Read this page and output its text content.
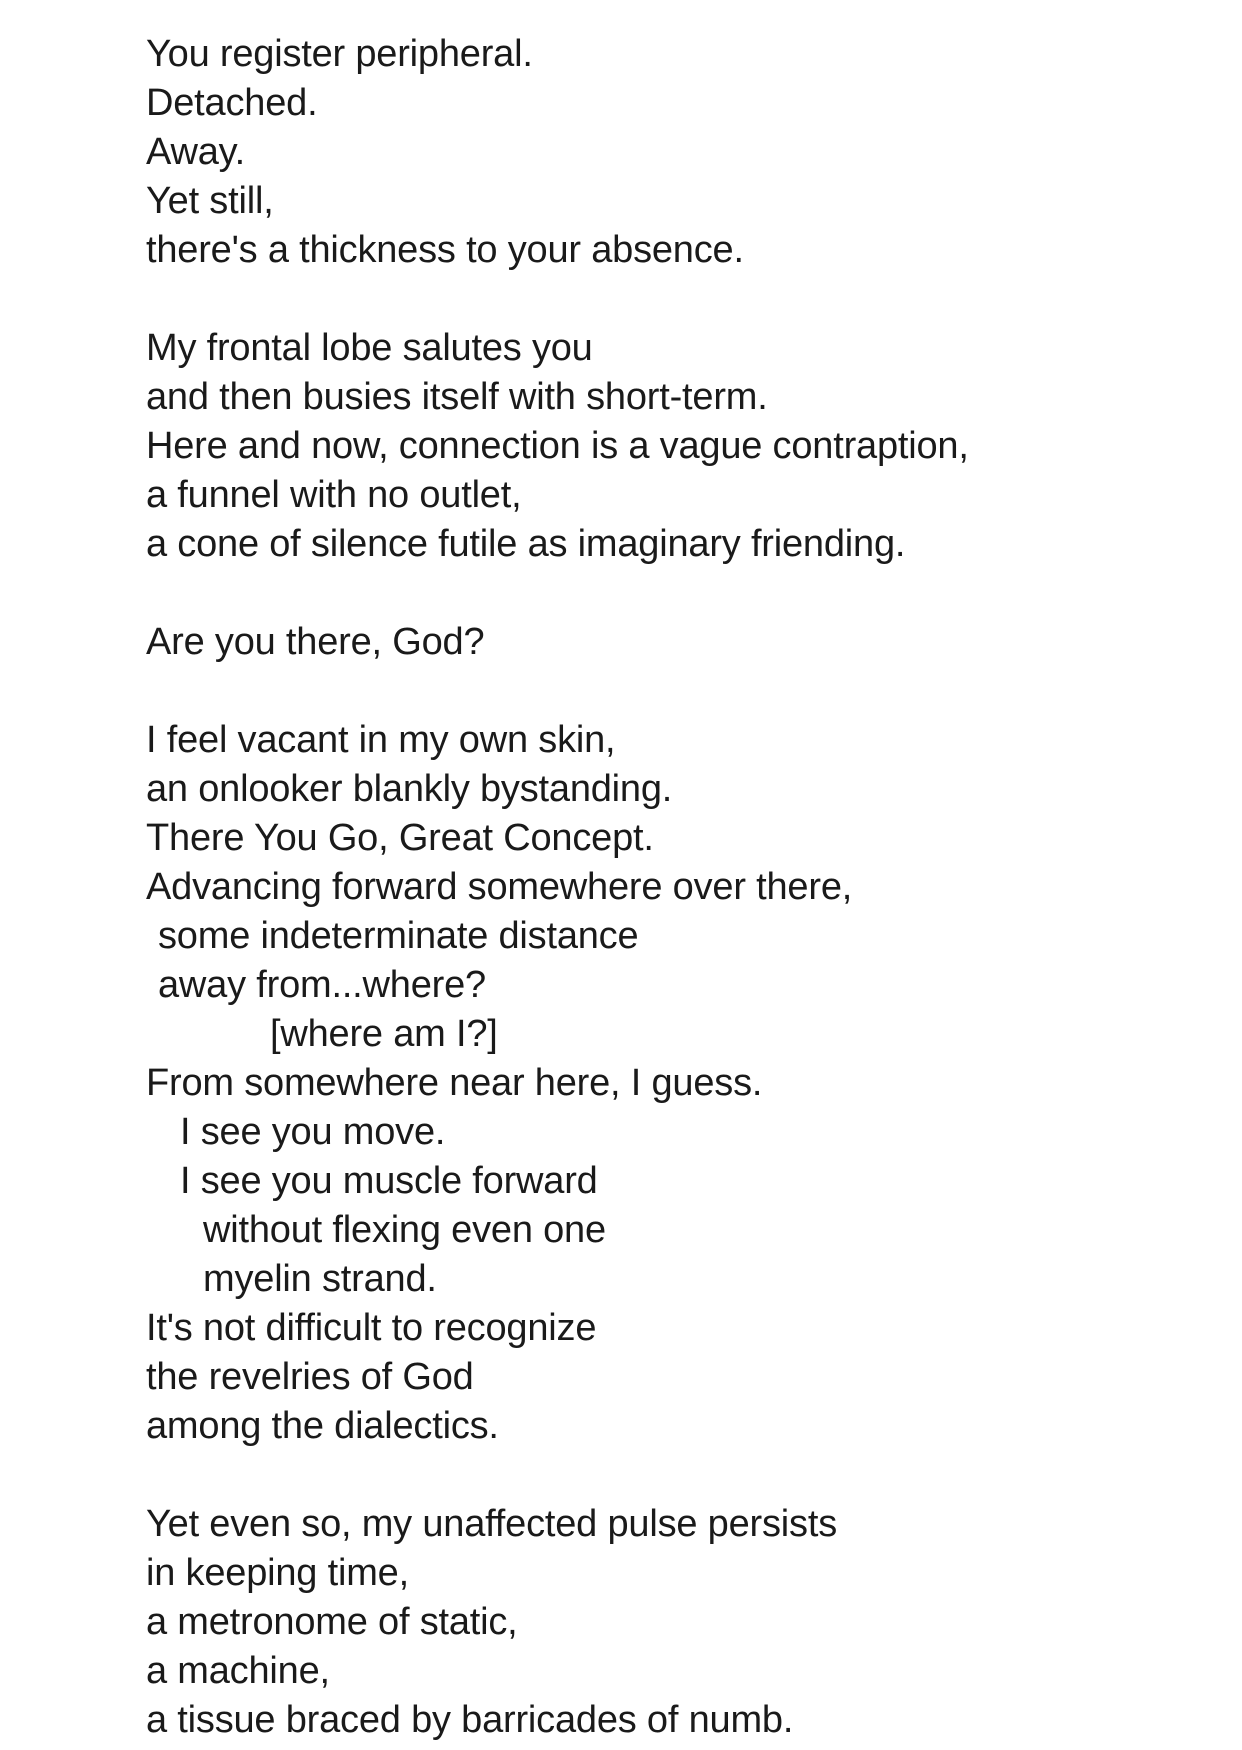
You register peripheral.
Detached.
Away.
Yet still,
there's a thickness to your absence.
My frontal lobe salutes you
and then busies itself with short-term.
Here and now, connection is a vague contraption,
a funnel with no outlet,
a cone of silence futile as imaginary friending.
Are you there, God?
I feel vacant in my own skin,
an onlooker blankly bystanding.
There You Go, Great Concept.
Advancing forward somewhere over there,
some indeterminate distance
away from...where?
[where am I?]
From somewhere near here, I guess.
I see you move.
I see you muscle forward
without flexing even one
myelin strand.
It's not difficult to recognize
the revelries of God
among the dialectics.
Yet even so, my unaffected pulse persists
in keeping time,
a metronome of static,
a machine,
a tissue braced by barricades of numb.
